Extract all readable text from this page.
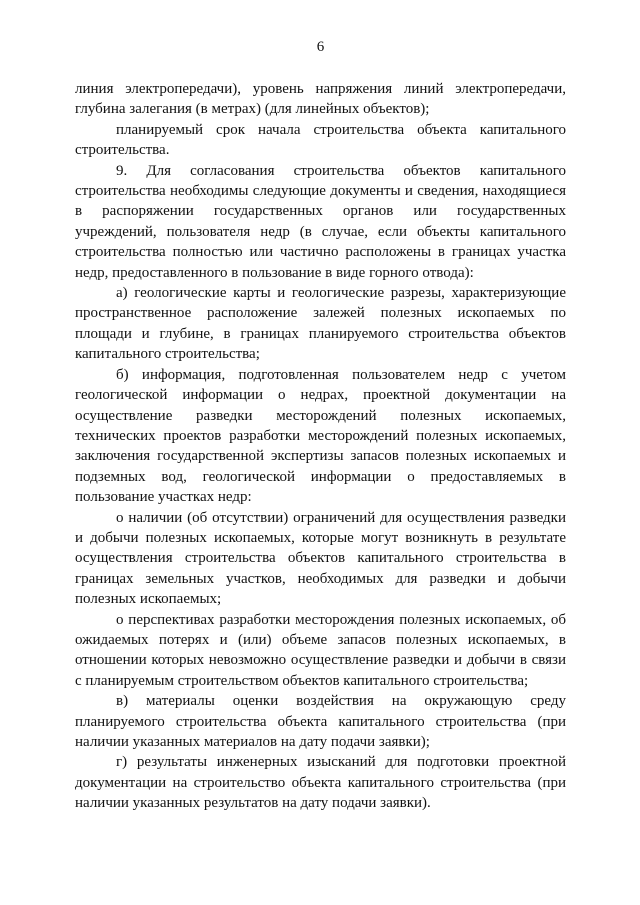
6

линия электропередачи), уровень напряжения линий электропередачи, глубина залегания (в метрах) (для линейных объектов);

планируемый срок начала строительства объекта капитального строительства.

9. Для согласования строительства объектов капитального строительства необходимы следующие документы и сведения, находящиеся в распоряжении государственных органов или государственных учреждений, пользователя недр (в случае, если объекты капитального строительства полностью или частично расположены в границах участка недр, предоставленного в пользование в виде горного отвода):

а) геологические карты и геологические разрезы, характеризующие пространственное расположение залежей полезных ископаемых по площади и глубине, в границах планируемого строительства объектов капитального строительства;

б) информация, подготовленная пользователем недр с учетом геологической информации о недрах, проектной документации на осуществление разведки месторождений полезных ископаемых, технических проектов разработки месторождений полезных ископаемых, заключения государственной экспертизы запасов полезных ископаемых и подземных вод, геологической информации о предоставляемых в пользование участках недр:

о наличии (об отсутствии) ограничений для осуществления разведки и добычи полезных ископаемых, которые могут возникнуть в результате осуществления строительства объектов капитального строительства в границах земельных участков, необходимых для разведки и добычи полезных ископаемых;

о перспективах разработки месторождения полезных ископаемых, об ожидаемых потерях и (или) объеме запасов полезных ископаемых, в отношении которых невозможно осуществление разведки и добычи в связи с планируемым строительством объектов капитального строительства;

в) материалы оценки воздействия на окружающую среду планируемого строительства объекта капитального строительства (при наличии указанных материалов на дату подачи заявки);

г) результаты инженерных изысканий для подготовки проектной документации на строительство объекта капитального строительства (при наличии указанных результатов на дату подачи заявки).
